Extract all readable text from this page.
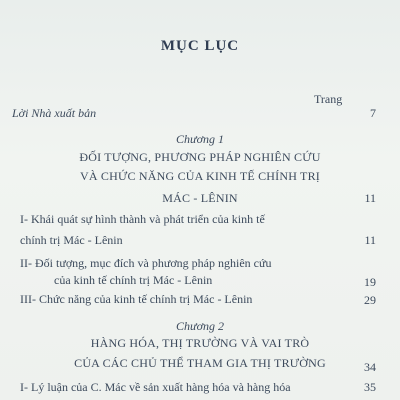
MỤC LỤC
Trang
Lời Nhà xuất bản	7
Chương 1
ĐỐI TƯỢNG, PHƯƠNG PHÁP NGHIÊN CỨU
VÀ CHỨC NĂNG CỦA KINH TẾ CHÍNH TRỊ
MÁC - LÊNIN	11
I- Khái quát sự hình thành và phát triển của kinh tế
chính trị Mác - Lênin	11
II- Đối tượng, mục đích và phương pháp nghiên cứu
của kinh tế chính trị Mác - Lênin	19
III- Chức năng của kinh tế chính trị Mác - Lênin	29
Chương 2
HÀNG HÓA, THỊ TRƯỜNG VÀ VAI TRÒ
CỦA CÁC CHỦ THỂ THAM GIA THỊ TRƯỜNG	34
I- Lý luận của C. Mác về sản xuất hàng hóa và hàng hóa	35
